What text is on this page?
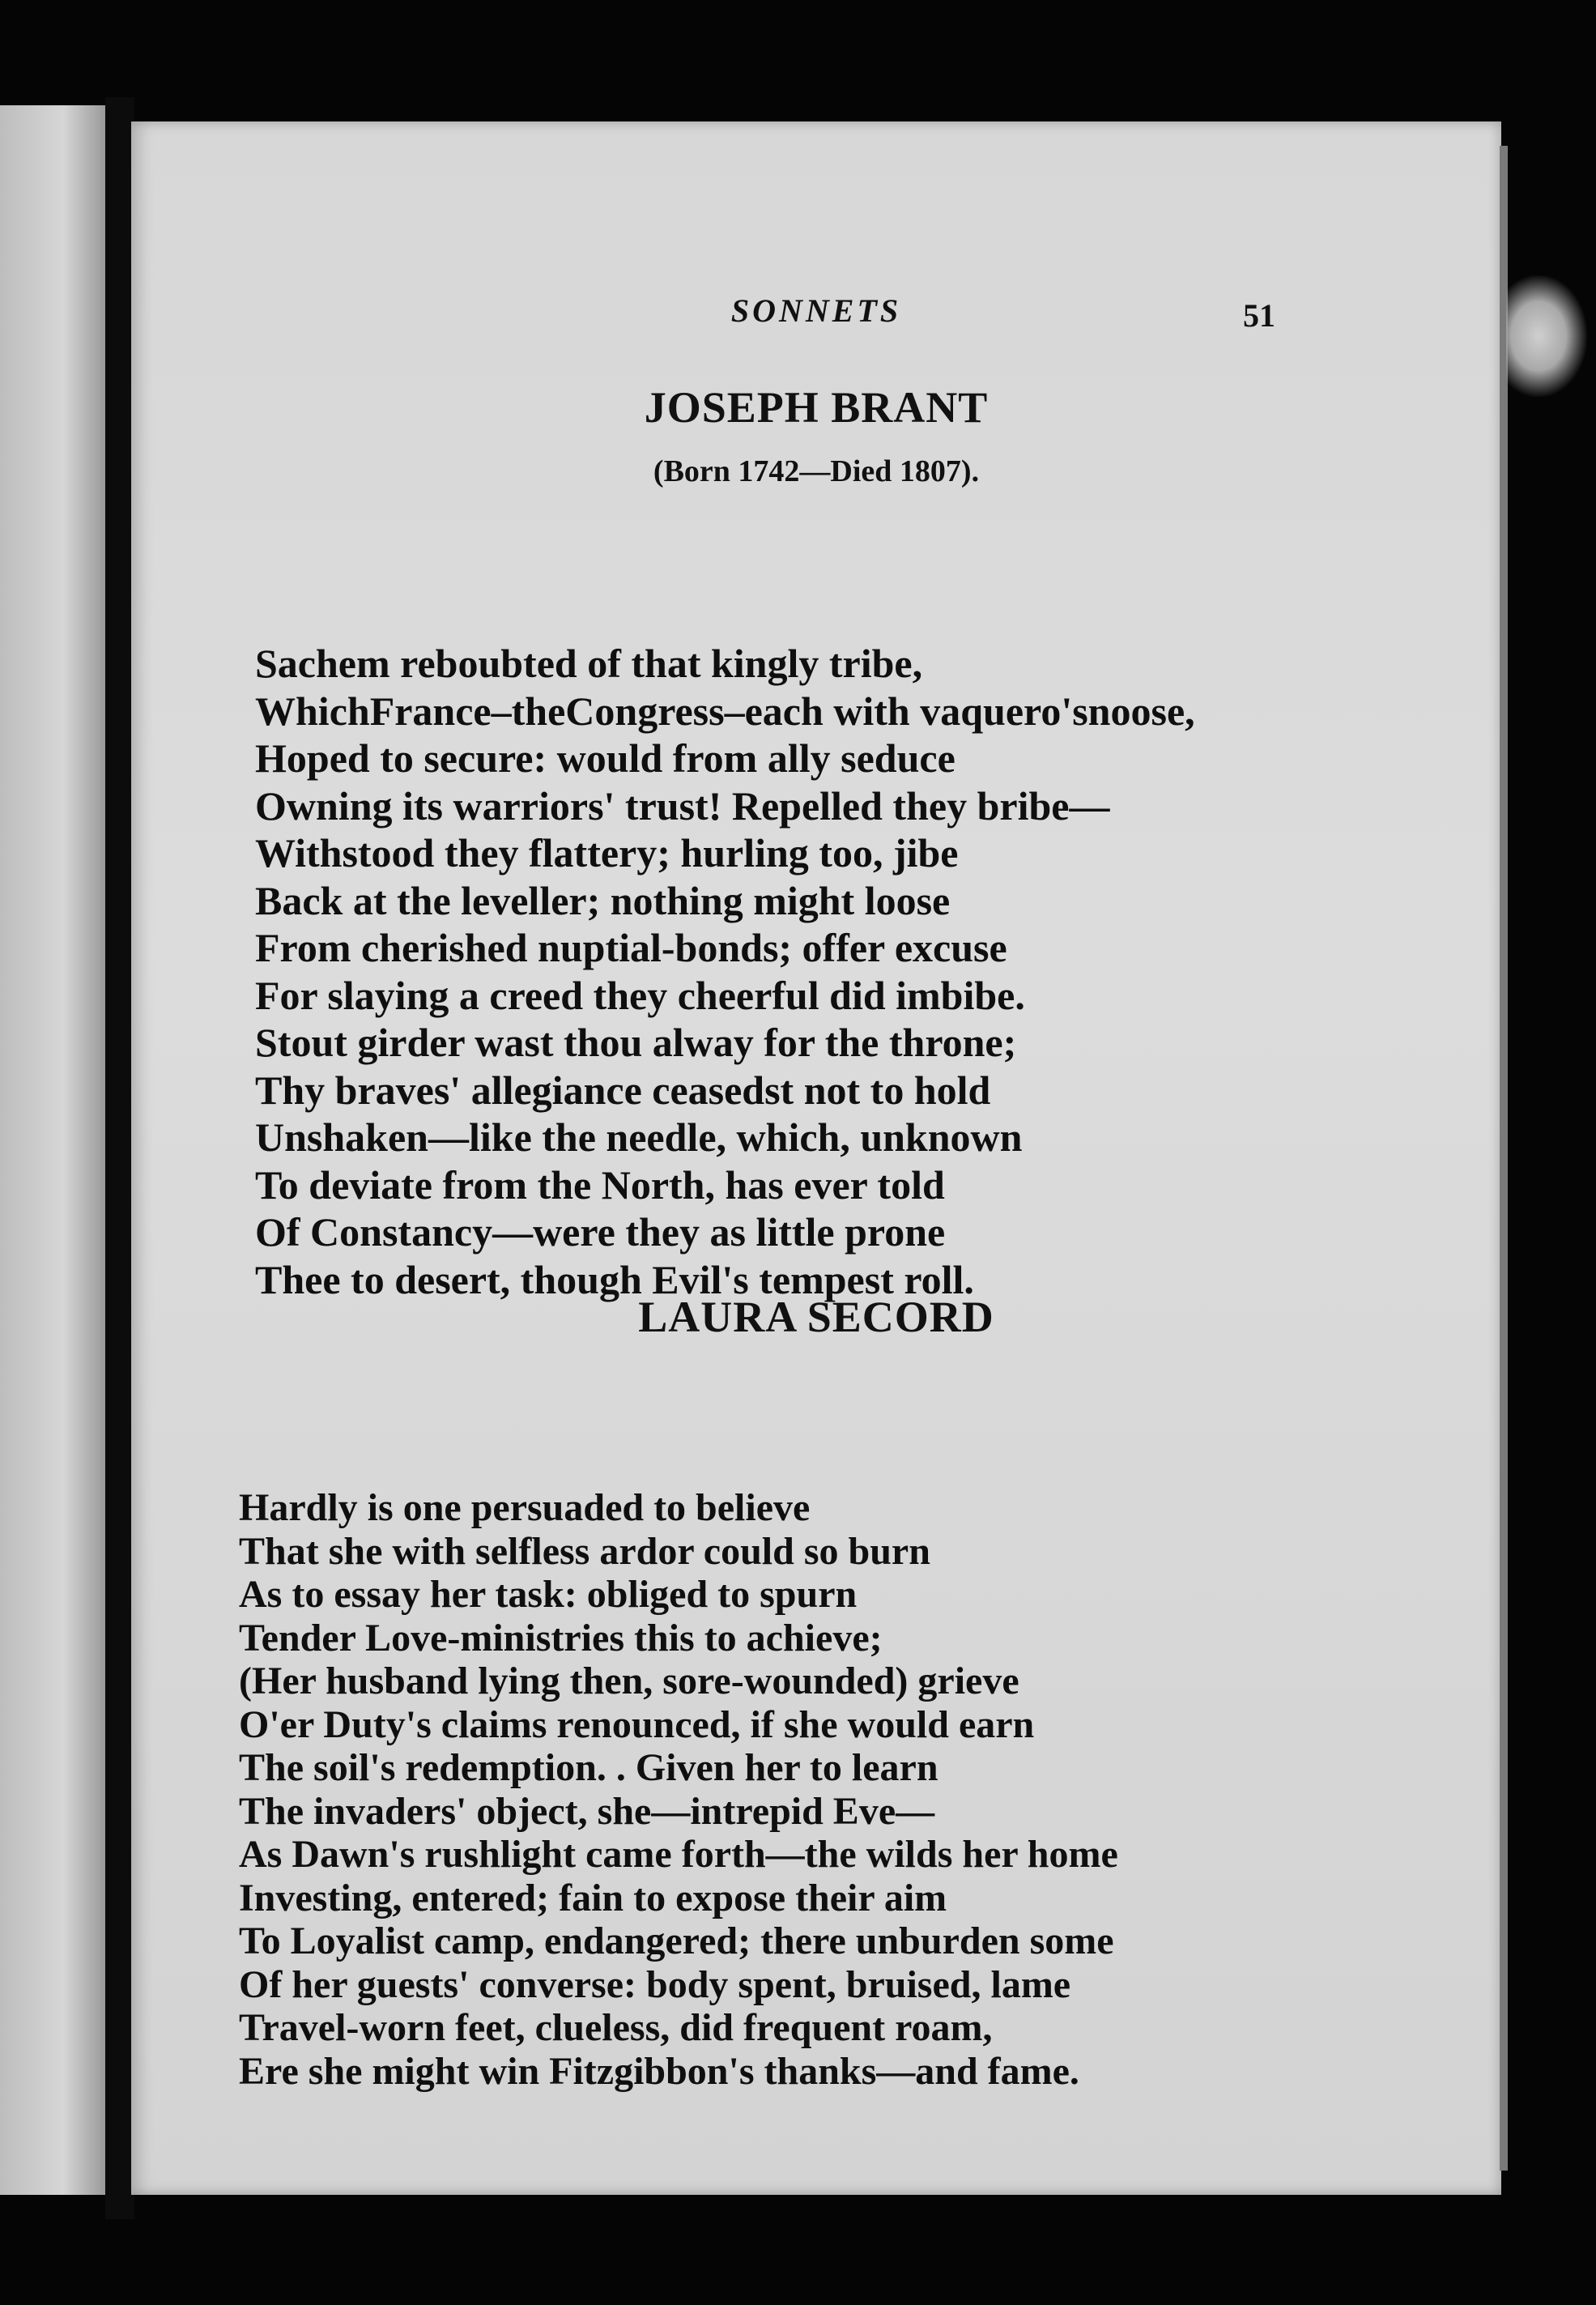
SONNETS	51
JOSEPH BRANT
(Born 1742—Died 1807).
Sachem reboubted of that kingly tribe,
WhichFrance–theCongress–each with vaquero'snoose,
Hoped to secure: would from ally seduce
Owning its warriors' trust! Repelled they bribe—
Withstood they flattery; hurling too, jibe
Back at the leveller; nothing might loose
From cherished nuptial-bonds; offer excuse
For slaying a creed they cheerful did imbibe.
Stout girder wast thou alway for the throne;
Thy braves' allegiance ceasedst not to hold
Unshaken—like the needle, which, unknown
To deviate from the North, has ever told
Of Constancy—were they as little prone
Thee to desert, though Evil's tempest roll.
LAURA SECORD
Hardly is one persuaded to believe
That she with selfless ardor could so burn
As to essay her task: obliged to spurn
Tender Love-ministries this to achieve;
(Her husband lying then, sore-wounded) grieve
O'er Duty's claims renounced, if she would earn
The soil's redemption. . Given her to learn
The invaders' object, she—intrepid Eve—
As Dawn's rushlight came forth—the wilds her home
Investing, entered; fain to expose their aim
To Loyalist camp, endangered; there unburden some
Of her guests' converse: body spent, bruised, lame
Travel-worn feet, clueless, did frequent roam,
Ere she might win Fitzgibbon's thanks—and fame.
